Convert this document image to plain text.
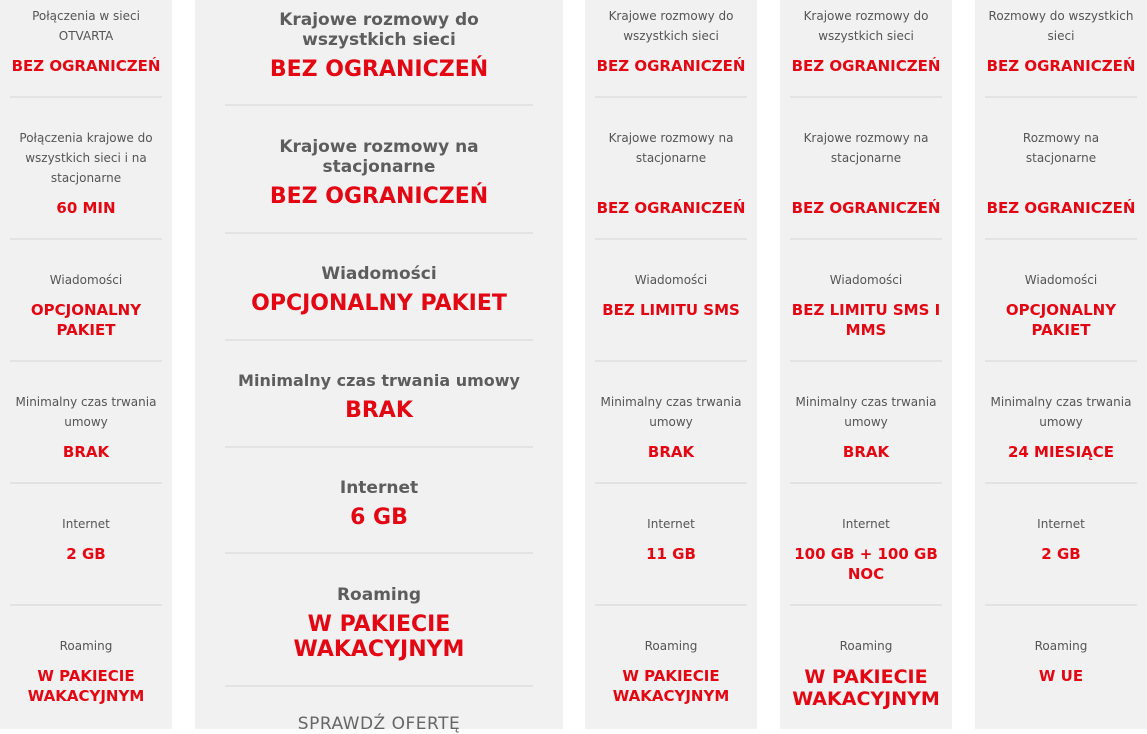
Połączenia w sieci OTVARTA
BEZ OGRANICZEŃ
Połączenia krajowe do wszystkich sieci i na stacjonarne
60 MIN
Wiadomości
OPCJONALNY PAKIET
Minimalny czas trwania umowy
BRAK
Internet
2 GB
Roaming
W PAKIECIE WAKACYJNYM
Krajowe rozmowy do wszystkich sieci
BEZ OGRANICZEŃ
Krajowe rozmowy na stacjonarne
BEZ OGRANICZEŃ
Wiadomości
OPCJONALNY PAKIET
Minimalny czas trwania umowy
BRAK
Internet
6 GB
Roaming
W PAKIECIE WAKACYJNYM
SPRAWDŹ OFERTĘ
Krajowe rozmowy do wszystkich sieci
BEZ OGRANICZEŃ
Krajowe rozmowy na stacjonarne
BEZ OGRANICZEŃ
Wiadomości
BEZ LIMITU SMS
Minimalny czas trwania umowy
BRAK
Internet
11 GB
Roaming
W PAKIECIE WAKACYJNYM
Krajowe rozmowy do wszystkich sieci
BEZ OGRANICZEŃ
Krajowe rozmowy na stacjonarne
BEZ OGRANICZEŃ
Wiadomości
BEZ LIMITU SMS I MMS
Minimalny czas trwania umowy
BRAK
Internet
100 GB + 100 GB NOC
Roaming
W PAKIECIE WAKACYJNYM
Rozmowy do wszystkich sieci
BEZ OGRANICZEŃ
Rozmowy na stacjonarne
BEZ OGRANICZEŃ
Wiadomości
OPCJONALNY PAKIET
Minimalny czas trwania umowy
24 MIESIĄCE
Internet
2 GB
Roaming
W UE
